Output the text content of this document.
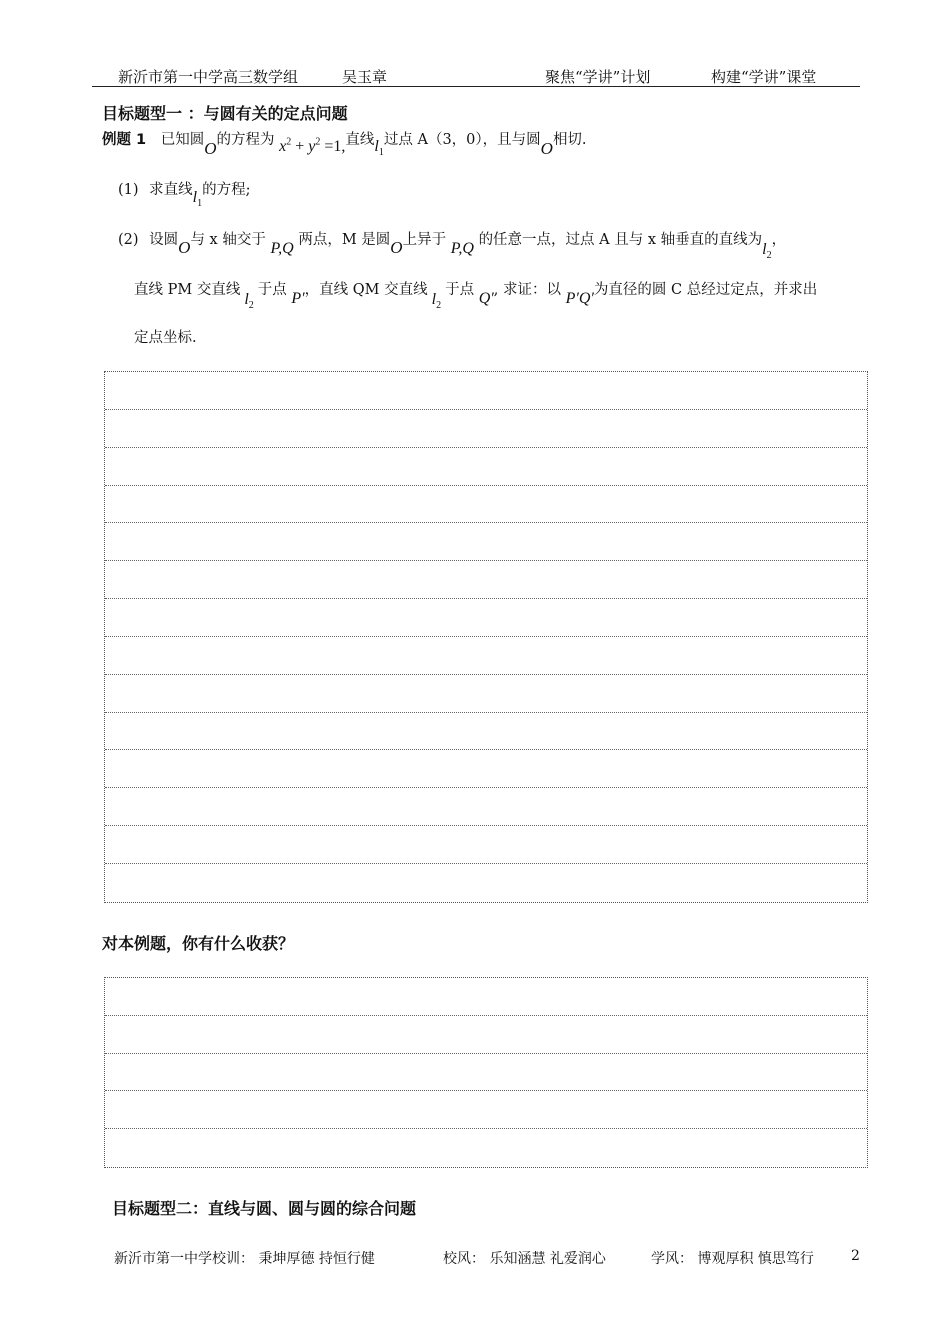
新沂市第一中学高三数学组	吴玉章	聚焦“学讲”计划	构建“学讲”课堂
目标题型一 ：与圆有关的定点问题
例题 1 已知圆O的方程为 $x^2 + y^2 =1$,直线$l_1$过点 A（3，0），且与圆O相切.
(1) 求直线$l_1$的方程;
(2) 设圆O与 x 轴交于 P,Q 两点，M 是圆O上异于 P,Q 的任意一点，过点 A 且与 x 轴垂直的直线为$l_2$，
直线 PM 交直线$l_2$于点 P′，直线 QM 交直线$l_2$于点 Q′, 求证：以 P′Q′为直径的圆 C 总经过定点，并求出
定点坐标.
对本例题，你有什么收获？
目标题型二：直线与圆、圆与圆的综合问题
新沂市第一中学校训： 秉坤厚德 持恒行健	校风： 乐知涵慧 礼爱润心	学风： 博观厚积 慎思笃行	2
